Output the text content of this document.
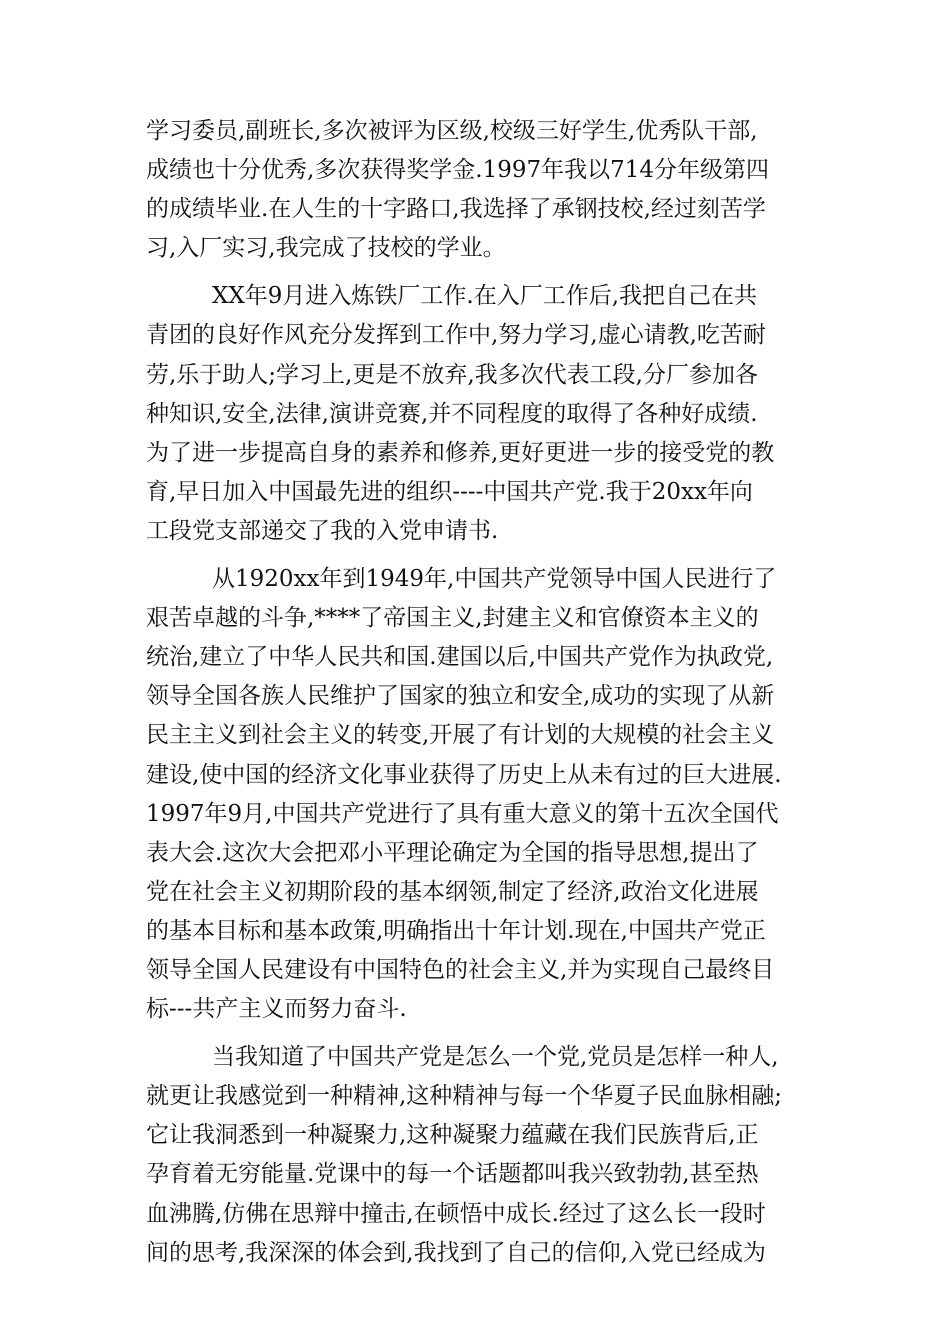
学习委员,副班长,多次被评为区级,校级三好学生,优秀队干部,
成绩也十分优秀,多次获得奖学金.1997年我以714分年级第四
的成绩毕业.在人生的十字路口,我选择了承钢技校,经过刻苦学
习,入厂实习,我完成了技校的学业。
XX年9月进入炼铁厂工作.在入厂工作后,我把自己在共
青团的良好作风充分发挥到工作中,努力学习,虚心请教,吃苦耐
劳,乐于助人;学习上,更是不放弃,我多次代表工段,分厂参加各
种知识,安全,法律,演讲竞赛,并不同程度的取得了各种好成绩.
为了进一步提高自身的素养和修养,更好更进一步的接受党的教
育,早日加入中国最先进的组织----中国共产党.我于20xx年向
工段党支部递交了我的入党申请书.
从1920xx年到1949年,中国共产党领导中国人民进行了
艰苦卓越的斗争,****了帝国主义,封建主义和官僚资本主义的
统治,建立了中华人民共和国.建国以后,中国共产党作为执政党,
领导全国各族人民维护了国家的独立和安全,成功的实现了从新
民主主义到社会主义的转变,开展了有计划的大规模的社会主义
建设,使中国的经济文化事业获得了历史上从未有过的巨大进展.
1997年9月,中国共产党进行了具有重大意义的第十五次全国代
表大会.这次大会把邓小平理论确定为全国的指导思想,提出了
党在社会主义初期阶段的基本纲领,制定了经济,政治文化进展
的基本目标和基本政策,明确指出十年计划.现在,中国共产党正
领导全国人民建设有中国特色的社会主义,并为实现自己最终目
标---共产主义而努力奋斗.
当我知道了中国共产党是怎么一个党,党员是怎样一种人,
就更让我感觉到一种精神,这种精神与每一个华夏子民血脉相融;
它让我洞悉到一种凝聚力,这种凝聚力蕴藏在我们民族背后,正
孕育着无穷能量.党课中的每一个话题都叫我兴致勃勃,甚至热
血沸腾,仿佛在思辩中撞击,在顿悟中成长.经过了这么长一段时
间的思考,我深深的体会到,我找到了自己的信仰,入党已经成为
